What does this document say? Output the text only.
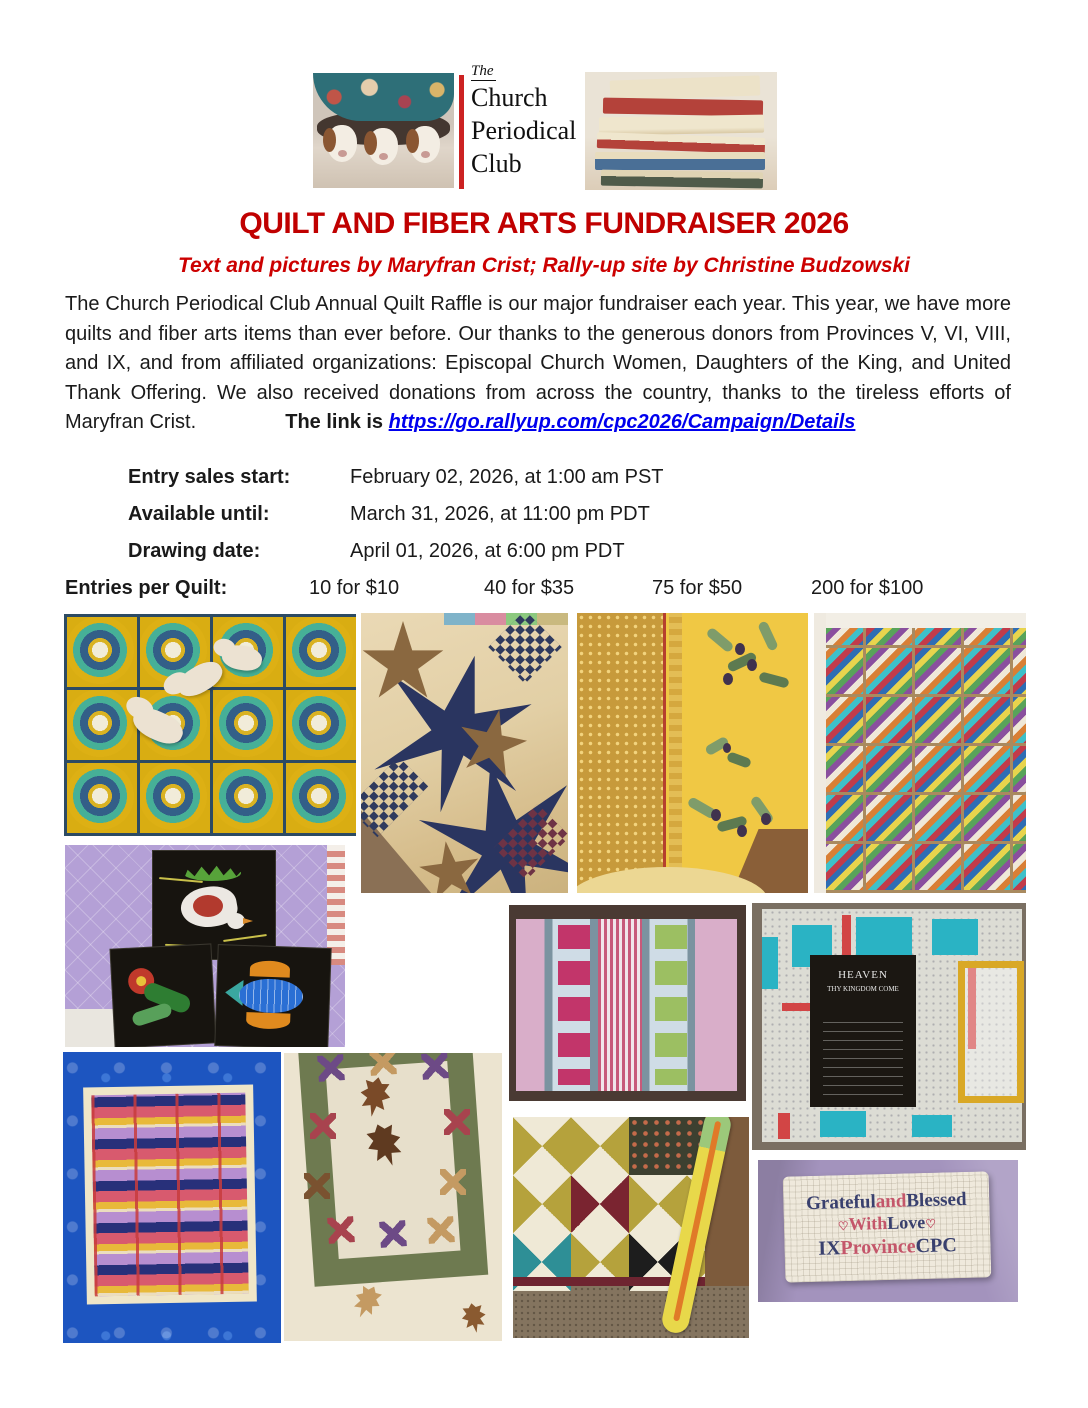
The
Church
Periodical
Club
QUILT AND FIBER ARTS FUNDRAISER 2026
Text and pictures by Maryfran Crist; Rally-up site by Christine Budzowski
The Church Periodical Club Annual Quilt Raffle is our major fundraiser each year. This year, we have more quilts and fiber arts items than ever before. Our thanks to the generous donors from Provinces V, VI, VIII, and IX, and from affiliated organizations: Episcopal Church Women, Daughters of the King, and United Thank Offering. We also received donations from across the country, thanks to the tireless efforts of Maryfran Crist.	The link is https://go.rallyup.com/cpc2026/Campaign/Details
Entry sales start:	February 02, 2026, at 1:00 am PST
Available until:	March 31, 2026, at 11:00 pm PDT
Drawing date:	April 01, 2026, at 6:00 pm PDT
Entries per Quilt:	10 for $10	40 for $35	75 for $50	200 for $100
HEAVEN
THY KINGDOM COME
GratefulandBlessed
♡WithLove♡
IXProvinceCPC
